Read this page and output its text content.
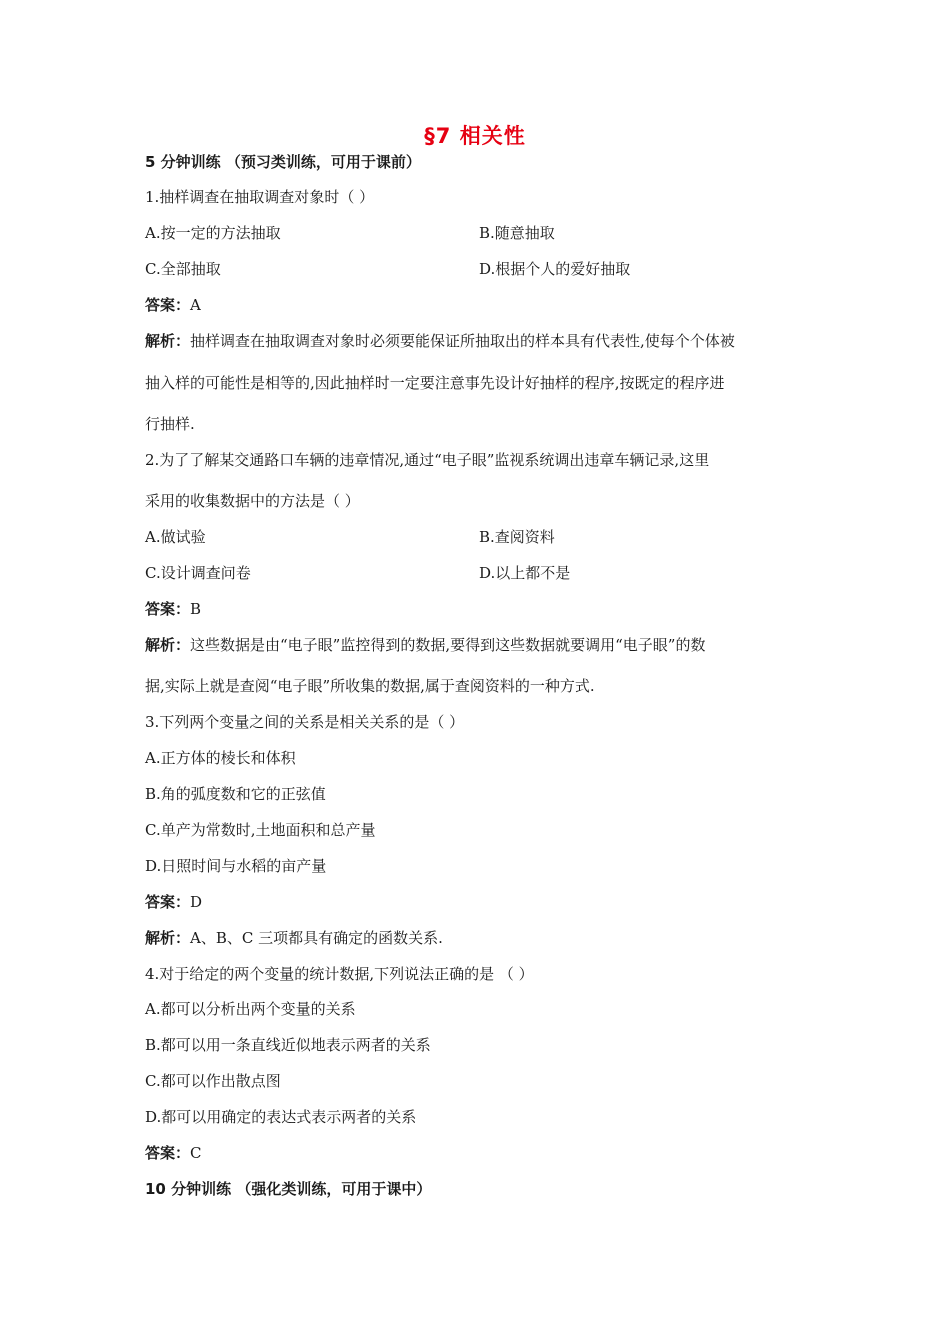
§7 相关性
5 分钟训练 （预习类训练，可用于课前）
1.抽样调查在抽取调查对象时（ ）
A.按一定的方法抽取	B.随意抽取
C.全部抽取	D.根据个人的爱好抽取
答案：A
解析：抽样调查在抽取调查对象时必须要能保证所抽取出的样本具有代表性,使每个个体被
抽入样的可能性是相等的,因此抽样时一定要注意事先设计好抽样的程序,按既定的程序进
行抽样.
2.为了了解某交通路口车辆的违章情况,通过“电子眼”监视系统调出违章车辆记录,这里
采用的收集数据中的方法是（ ）
A.做试验	B.查阅资料
C.设计调查问卷	D.以上都不是
答案：B
解析：这些数据是由“电子眼”监控得到的数据,要得到这些数据就要调用“电子眼”的数
据,实际上就是查阅“电子眼”所收集的数据,属于查阅资料的一种方式.
3.下列两个变量之间的关系是相关关系的是（ ）
A.正方体的棱长和体积
B.角的弧度数和它的正弦值
C.单产为常数时,土地面积和总产量
D.日照时间与水稻的亩产量
答案：D
解析：A、B、C 三项都具有确定的函数关系.
4.对于给定的两个变量的统计数据,下列说法正确的是 （ ）
A.都可以分析出两个变量的关系
B.都可以用一条直线近似地表示两者的关系
C.都可以作出散点图
D.都可以用确定的表达式表示两者的关系
答案：C
10 分钟训练 （强化类训练，可用于课中）
